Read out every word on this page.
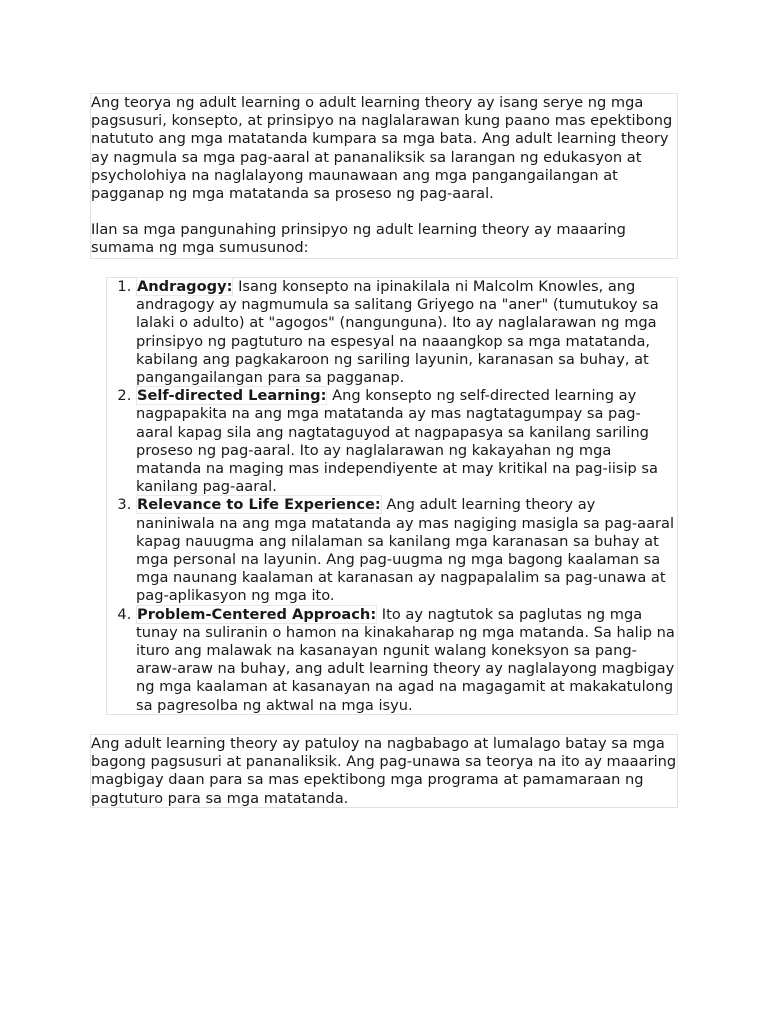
Ang teorya ng adult learning o adult learning theory ay isang serye ng mga pagsusuri, konsepto, at prinsipyo na naglalarawan kung paano mas epektibong natututo ang mga matatanda kumpara sa mga bata. Ang adult learning theory ay nagmula sa mga pag-aaral at pananaliksik sa larangan ng edukasyon at psycholohiya na naglalayong maunawaan ang mga pangangailangan at pagganap ng mga matatanda sa proseso ng pag-aaral.

Ilan sa mga pangunahing prinsipyo ng adult learning theory ay maaaring sumama ng mga sumusunod:

1. Andragogy: Isang konsepto na ipinakilala ni Malcolm Knowles, ang andragogy ay nagmumula sa salitang Griyego na "aner" (tumutukoy sa lalaki o adulto) at "agogos" (nangunguna). Ito ay naglalarawan ng mga prinsipyo ng pagtuturo na espesyal na naaangkop sa mga matatanda, kabilang ang pagkakaroon ng sariling layunin, karanasan sa buhay, at pangangailangan para sa pagganap.
2. Self-directed Learning: Ang konsepto ng self-directed learning ay nagpapakita na ang mga matatanda ay mas nagtatagumpay sa pag-aaral kapag sila ang nagtataguyod at nagpapasya sa kanilang sariling proseso ng pag-aaral. Ito ay naglalarawan ng kakayahan ng mga matanda na maging mas independiyente at may kritikal na pag-iisip sa kanilang pag-aaral.
3. Relevance to Life Experience: Ang adult learning theory ay naniniwala na ang mga matatanda ay mas nagiging masigla sa pag-aaral kapag nauugma ang nilalaman sa kanilang mga karanasan sa buhay at mga personal na layunin. Ang pag-uugma ng mga bagong kaalaman sa mga naunang kaalaman at karanasan ay nagpapalalim sa pag-unawa at pag-aplikasyon ng mga ito.
4. Problem-Centered Approach: Ito ay nagtutok sa paglutas ng mga tunay na suliranin o hamon na kinakaharap ng mga matanda. Sa halip na ituro ang malawak na kasanayan ngunit walang koneksyon sa pang-araw-araw na buhay, ang adult learning theory ay naglalayong magbigay ng mga kaalaman at kasanayan na agad na magagamit at makakatulong sa pagresolba ng aktwal na mga isyu.

Ang adult learning theory ay patuloy na nagbabago at lumalago batay sa mga bagong pagsusuri at pananaliksik. Ang pag-unawa sa teorya na ito ay maaaring magbigay daan para sa mas epektibong mga programa at pamamaraan ng pagtuturo para sa mga matatanda.
